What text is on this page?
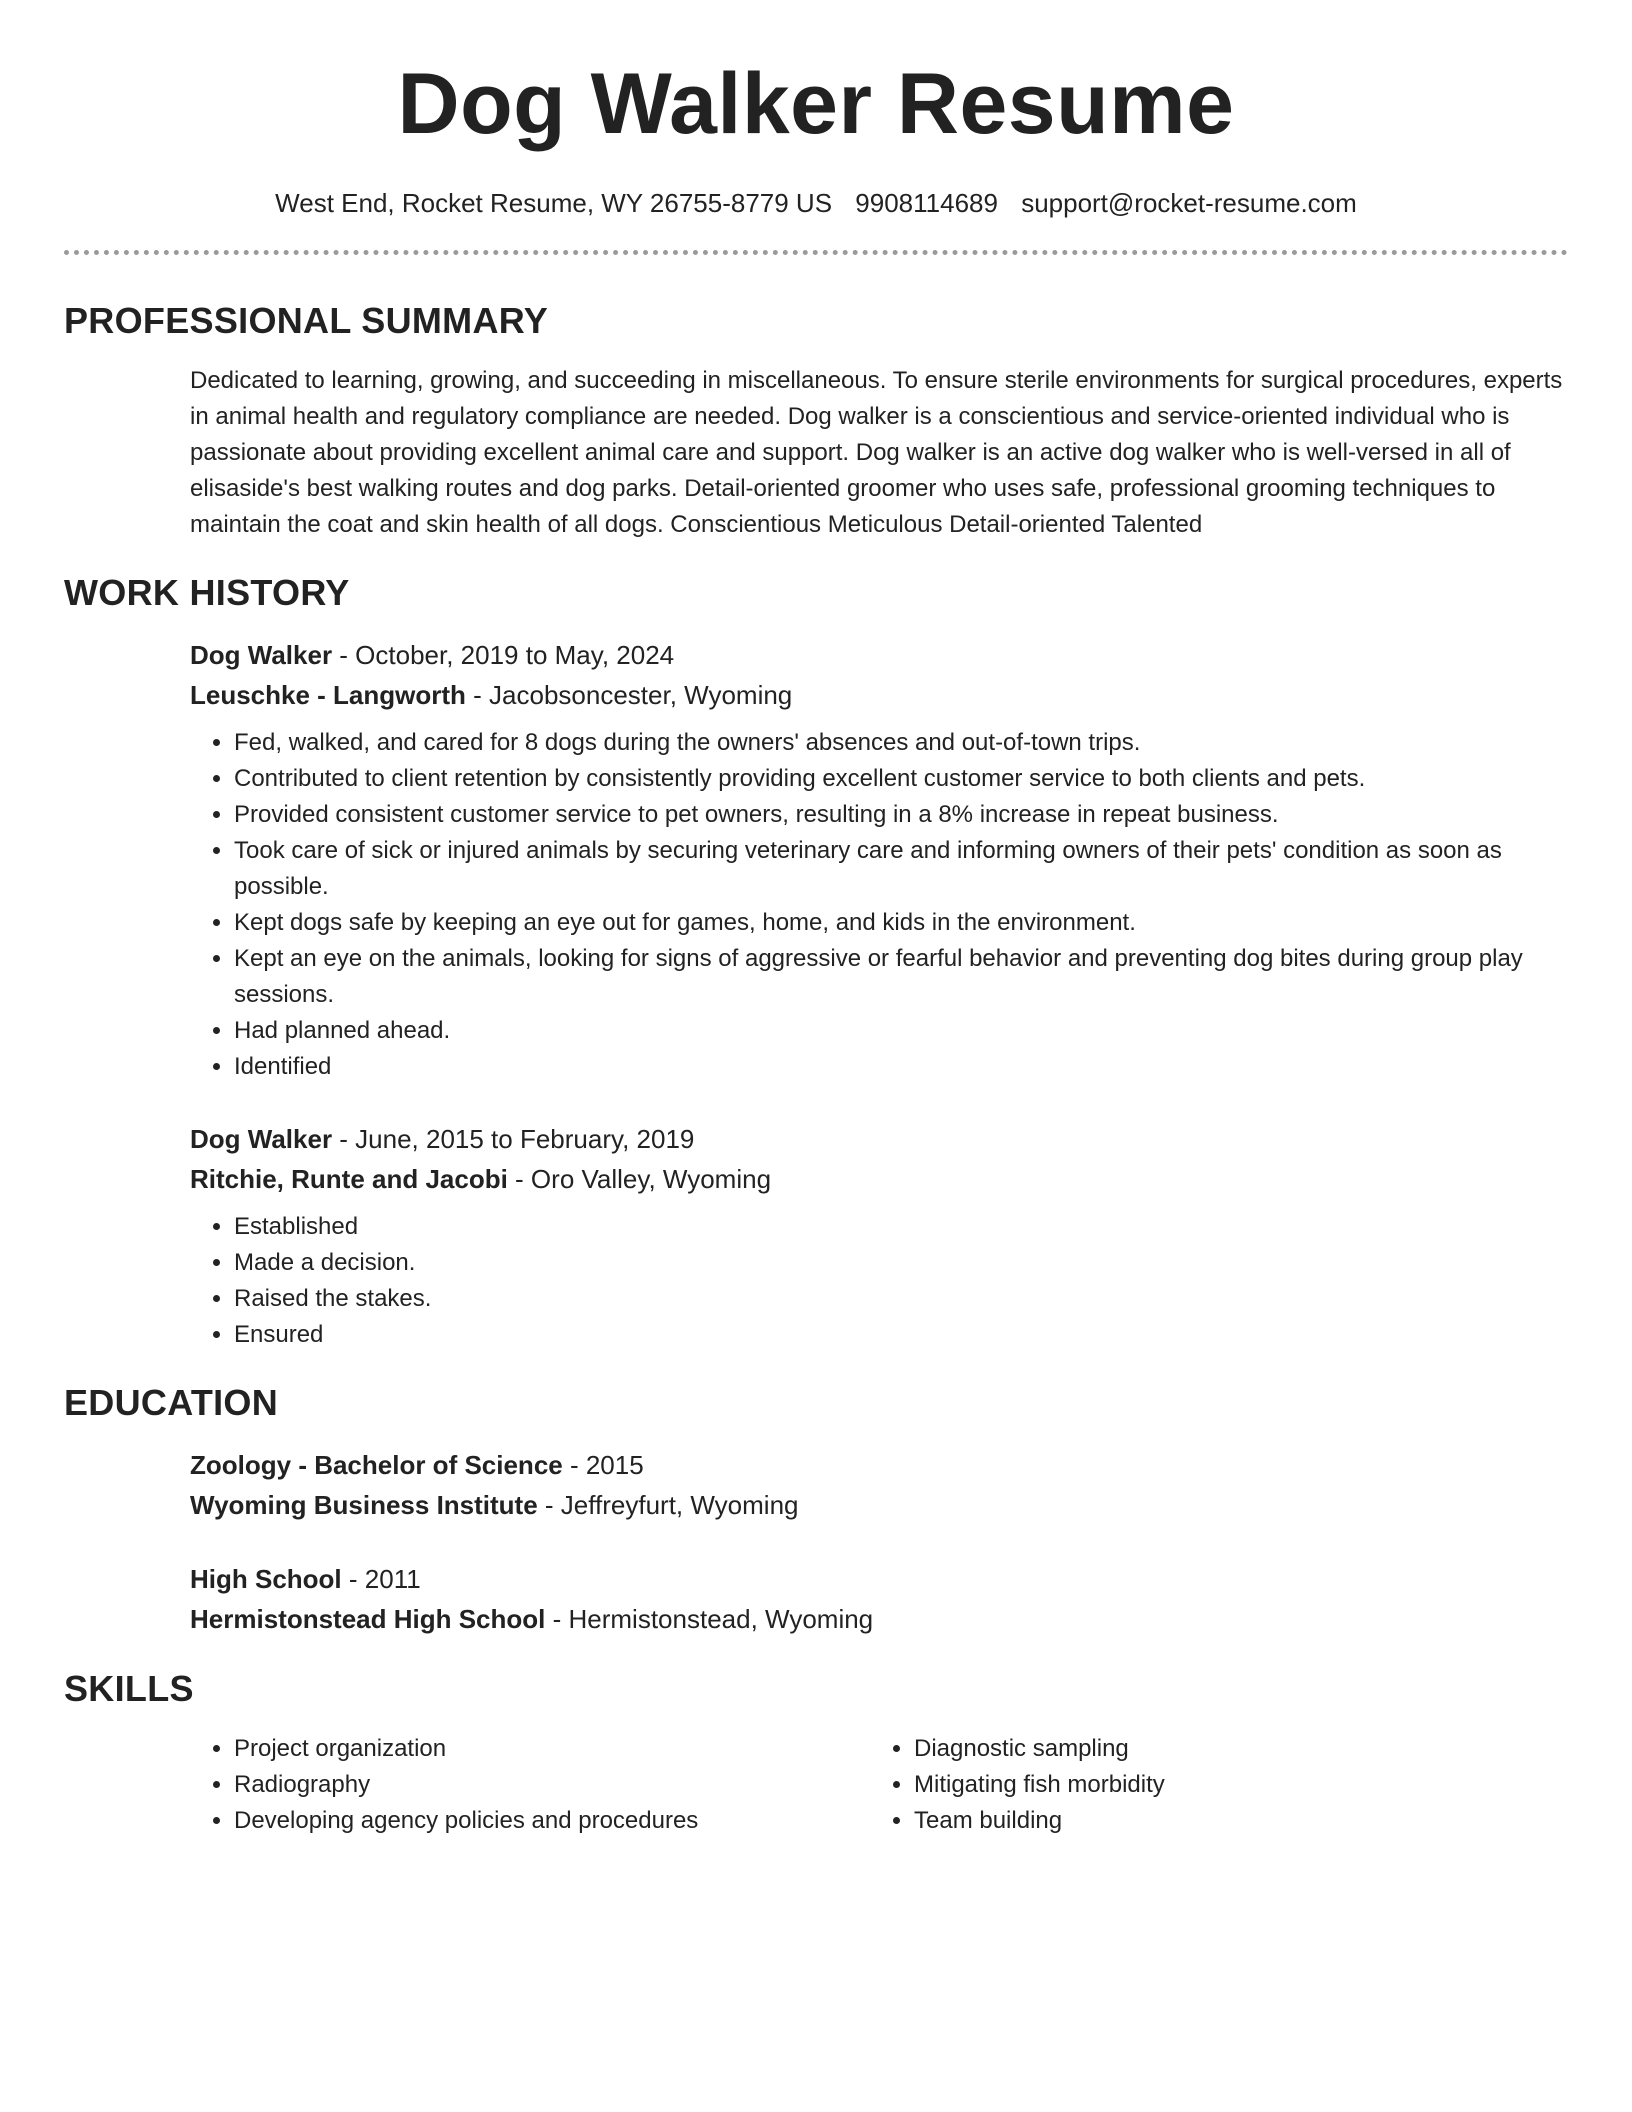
Dog Walker Resume
West End, Rocket Resume, WY 26755-8779 US 9908114689 support@rocket-resume.com
PROFESSIONAL SUMMARY

Dedicated to learning, growing, and succeeding in miscellaneous. To ensure sterile environments for surgical procedures, experts in animal health and regulatory compliance are needed. Dog walker is a conscientious and service-oriented individual who is passionate about providing excellent animal care and support. Dog walker is an active dog walker who is well-versed in all of elisaside's best walking routes and dog parks. Detail-oriented groomer who uses safe, professional grooming techniques to maintain the coat and skin health of all dogs. Conscientious Meticulous Detail-oriented Talented

WORK HISTORY
Dog Walker - October, 2019 to May, 2024
Leuschke - Langworth - Jacobsoncester, Wyoming
• Fed, walked, and cared for 8 dogs during the owners' absences and out-of-town trips.
• Contributed to client retention by consistently providing excellent customer service to both clients and pets.
• Provided consistent customer service to pet owners, resulting in a 8% increase in repeat business.
• Took care of sick or injured animals by securing veterinary care and informing owners of their pets' condition as soon as possible.
• Kept dogs safe by keeping an eye out for games, home, and kids in the environment.
• Kept an eye on the animals, looking for signs of aggressive or fearful behavior and preventing dog bites during group play sessions.
• Had planned ahead.
• Identified
Dog Walker - June, 2015 to February, 2019
Ritchie, Runte and Jacobi - Oro Valley, Wyoming
• Established
• Made a decision.
• Raised the stakes.
• Ensured
EDUCATION
Zoology - Bachelor of Science - 2015
Wyoming Business Institute - Jeffreyfurt, Wyoming
High School - 2011
Hermistonstead High School - Hermistonstead, Wyoming
SKILLS
• Project organization
• Radiography
• Developing agency policies and procedures
• Diagnostic sampling
• Mitigating fish morbidity
• Team building
